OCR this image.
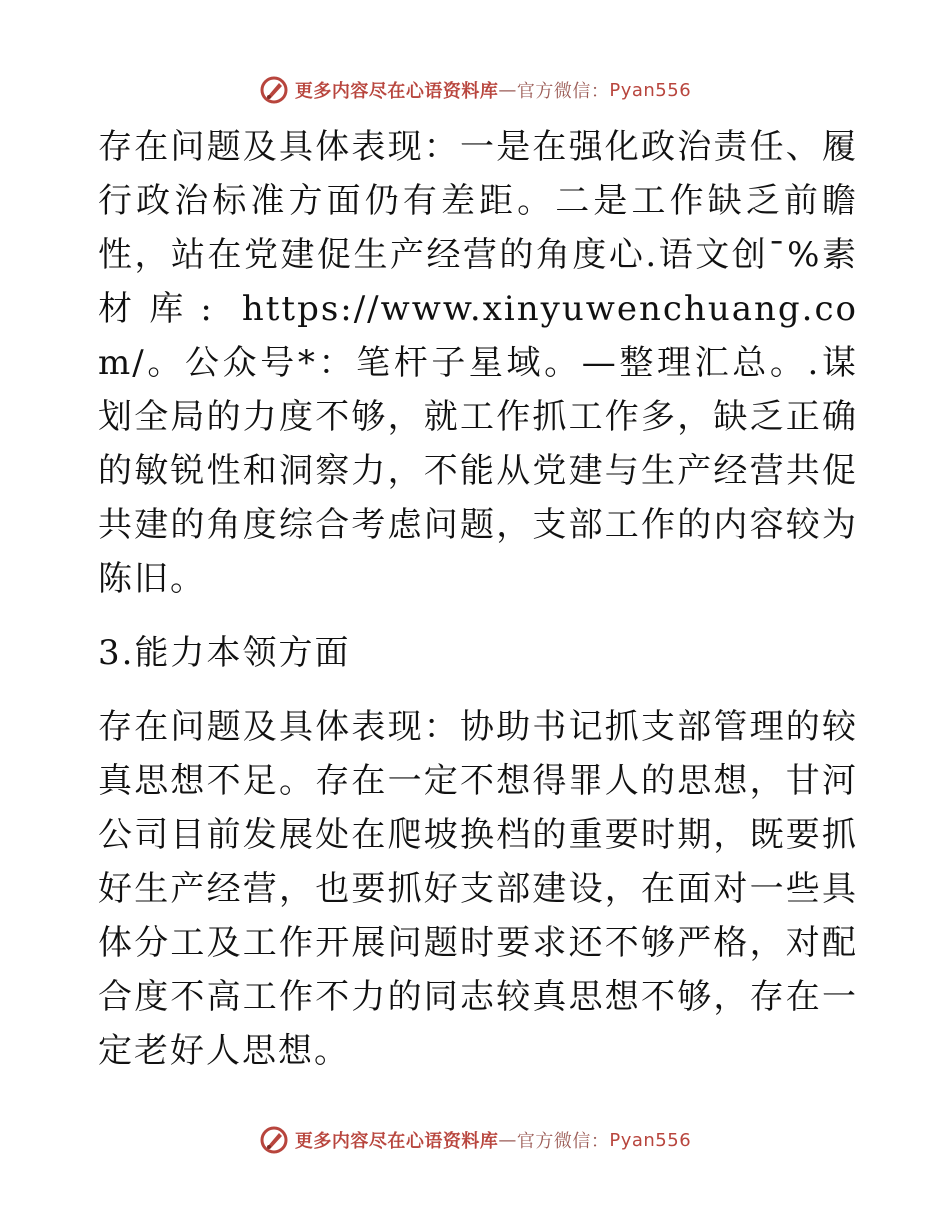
更多内容尽在心语资料库 — 官方微信： Pyan556

存在问题及具体表现：一是在强化政治责任、履行政治标准方面仍有差距。二是工作缺乏前瞻性，站在党建促生产经营的角度心.语文创¯%素材库: https://www.xinyuwenchuang.com/。公众号*：笔杆子星域。—整理汇总。.谋划全局的力度不够，就工作抓工作多，缺乏正确的敏锐性和洞察力，不能从党建与生产经营共促共建的角度综合考虑问题，支部工作的内容较为陈旧。

3.能力本领方面

存在问题及具体表现：协助书记抓支部管理的较真思想不足。存在一定不想得罪人的思想，甘河公司目前发展处在爬坡换档的重要时期，既要抓好生产经营，也要抓好支部建设，在面对一些具体分工及工作开展问题时要求还不够严格，对配合度不高工作不力的同志较真思想不够，存在一定老好人思想。

更多内容尽在心语资料库 — 官方微信： Pyan556
